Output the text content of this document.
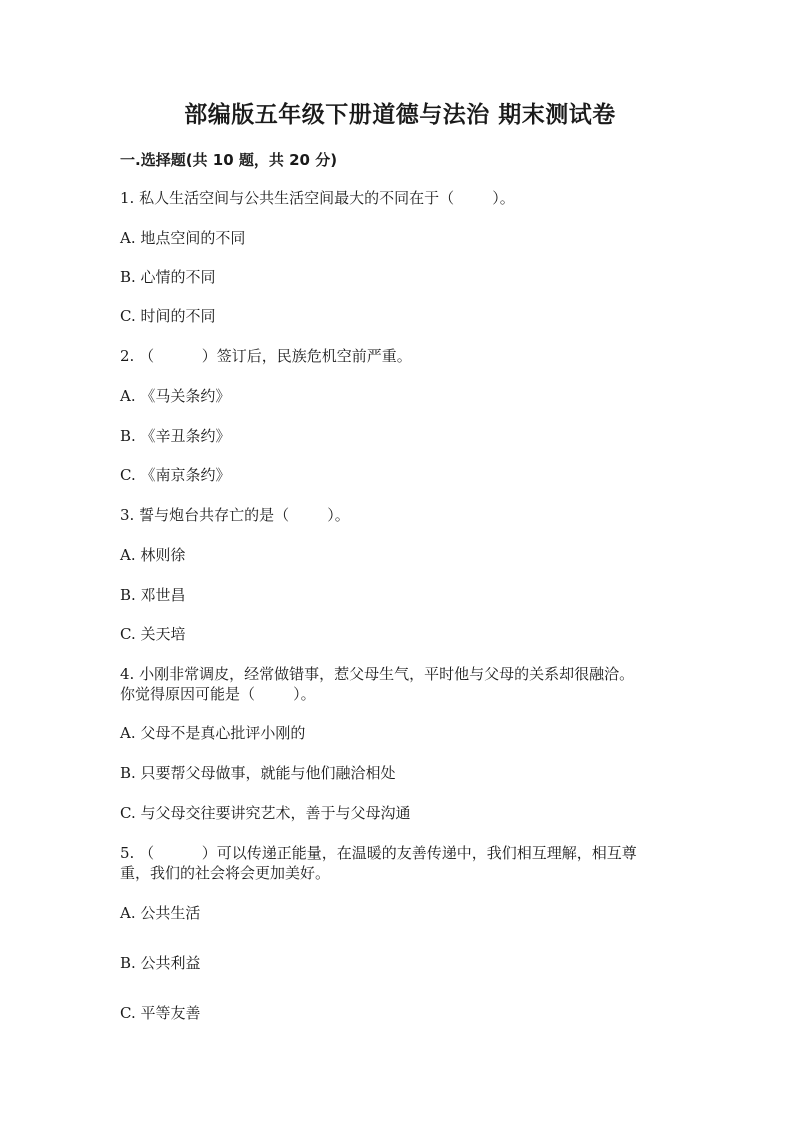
部编版五年级下册道德与法治 期末测试卷
一.选择题(共 10 题，共 20 分)
1. 私人生活空间与公共生活空间最大的不同在于（        ）。
A. 地点空间的不同
B. 心情的不同
C. 时间的不同
2. （          ）签订后，民族危机空前严重。
A. 《马关条约》
B. 《辛丑条约》
C. 《南京条约》
3. 誓与炮台共存亡的是（        ）。
A. 林则徐
B. 邓世昌
C. 关天培
4. 小刚非常调皮，经常做错事，惹父母生气，平时他与父母的关系却很融洽。
你觉得原因可能是（        ）。
A. 父母不是真心批评小刚的
B. 只要帮父母做事，就能与他们融洽相处
C. 与父母交往要讲究艺术，善于与父母沟通
5. （          ）可以传递正能量，在温暖的友善传递中，我们相互理解，相互尊
重，我们的社会将会更加美好。
A. 公共生活
B. 公共利益
C. 平等友善
